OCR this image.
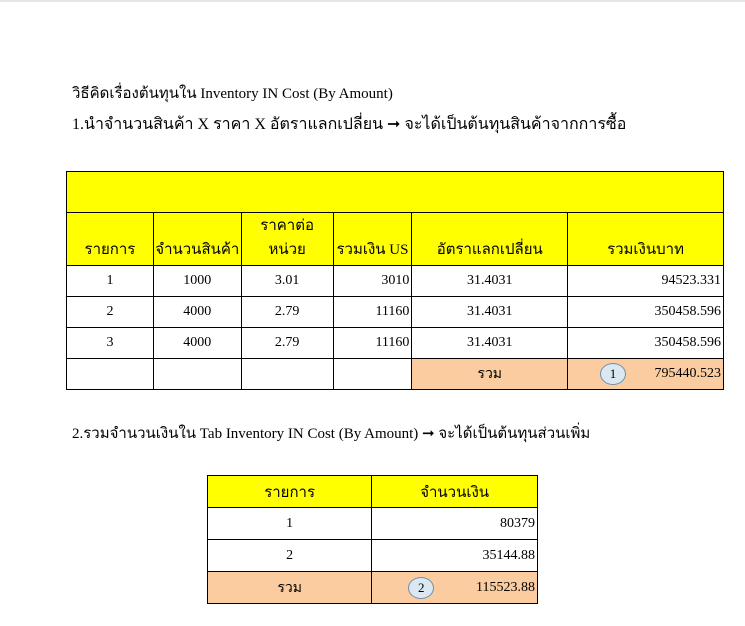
วิธีคิดเรื่องต้นทุนใน Inventory IN Cost (By Amount)
1.นำจำนวนสินค้า X ราคา X อัตราแลกเปลี่ยน ➞ จะได้เป็นต้นทุนสินค้าจากการซื้อ

รายการ	จำนวนสินค้า	ราคาต่อหน่วย	รวมเงิน US	อัตราแลกเปลี่ยน	รวมเงินบาท
1	1000	3.01	3010	31.4031	94523.331
2	4000	2.79	11160	31.4031	350458.596
3	4000	2.79	11160	31.4031	350458.596
				รวม	1 795440.523
2.รวมจำนวนเงินใน Tab Inventory IN Cost (By Amount) ➞ จะได้เป็นต้นทุนส่วนเพิ่ม
รายการ	จำนวนเงิน
1	80379
2	35144.88
รวม	2 115523.88
